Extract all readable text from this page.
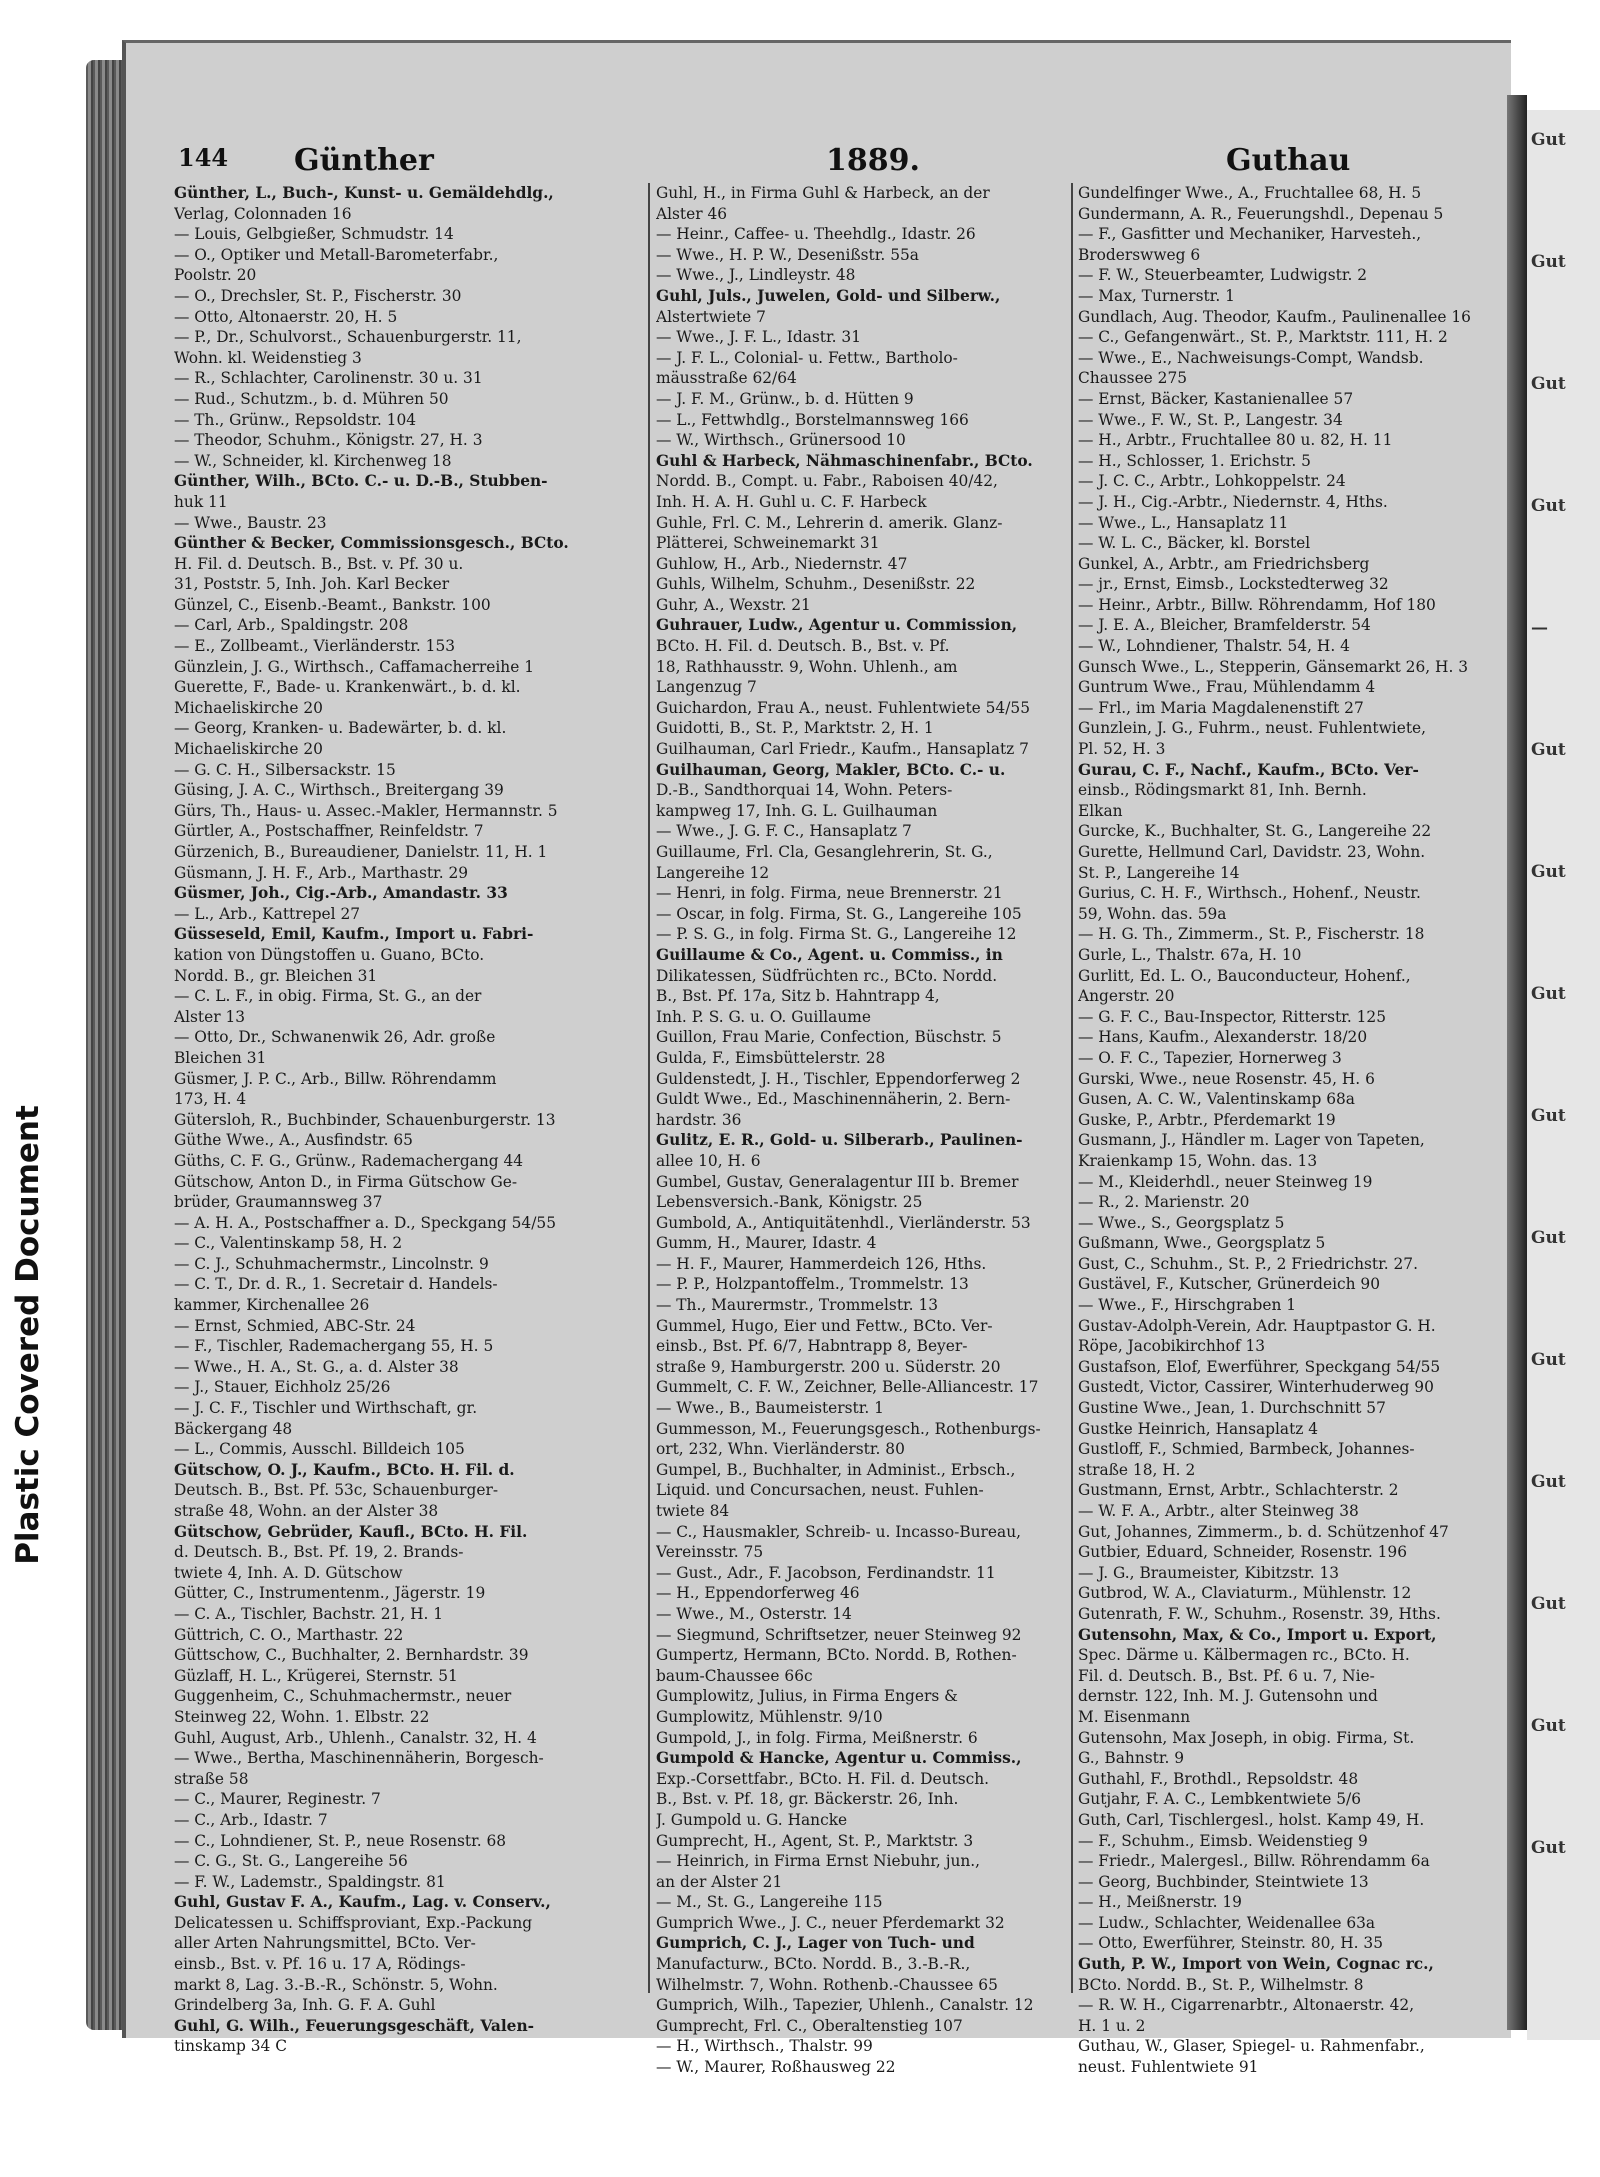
Plastic Covered Document
144 Günther	1889.	Guthau
Günther, L., Buch-, Kunst- u. Gemäldehdlg.,
Verlag, Colonnaden 16
— Louis, Gelbgießer, Schmudstr. 14
— O., Optiker und Metall-Barometerfabr.,
Poolstr. 20
— O., Drechsler, St. P., Fischerstr. 30
— Otto, Altonaerstr. 20, H. 5
— P., Dr., Schulvorst., Schauenburgerstr. 11,
Wohn. kl. Weidenstieg 3
— R., Schlachter, Carolinenstr. 30 u. 31
— Rud., Schutzm., b. d. Mühren 50
— Th., Grünw., Repsoldstr. 104
— Theodor, Schuhm., Königstr. 27, H. 3
— W., Schneider, kl. Kirchenweg 18
Günther, Wilh., BCto. C.- u. D.-B., Stubben-
huk 11
— Wwe., Baustr. 23
Günther & Becker, Commissionsgesch., BCto.
H. Fil. d. Deutsch. B., Bst. v. Pf. 30 u.
31, Poststr. 5, Inh. Joh. Karl Becker
Günzel, C., Eisenb.-Beamt., Bankstr. 100
— Carl, Arb., Spaldingstr. 208
— E., Zollbeamt., Vierländerstr. 153
Günzlein, J. G., Wirthsch., Caffamacherreihe 1
Guerette, F., Bade- u. Krankenwärt., b. d. kl.
Michaeliskirche 20
— Georg, Kranken- u. Badewärter, b. d. kl.
Michaeliskirche 20
— G. C. H., Silbersackstr. 15
Güsing, J. A. C., Wirthsch., Breitergang 39
Gürs, Th., Haus- u. Assec.-Makler, Hermannstr. 5
Gürtler, A., Postschaffner, Reinfeldstr. 7
Gürzenich, B., Bureaudiener, Danielstr. 11, H. 1
Güsmann, J. H. F., Arb., Marthastr. 29
Güsmer, Joh., Cig.-Arb., Amandastr. 33
— L., Arb., Kattrepel 27
Güsseseld, Emil, Kaufm., Import u. Fabri-
kation von Düngstoffen u. Guano, BCto.
Nordd. B., gr. Bleichen 31
— C. L. F., in obig. Firma, St. G., an der
Alster 13
— Otto, Dr., Schwanenwik 26, Adr. große
Bleichen 31
Güsmer, J. P. C., Arb., Billw. Röhrendamm
173, H. 4
Gütersloh, R., Buchbinder, Schauenburgerstr. 13
Güthe Wwe., A., Ausfindstr. 65
Güths, C. F. G., Grünw., Rademachergang 44
Gütschow, Anton D., in Firma Gütschow Ge-
brüder, Graumannsweg 37
— A. H. A., Postschaffner a. D., Speckgang 54/55
— C., Valentinskamp 58, H. 2
— C. J., Schuhmachermstr., Lincolnstr. 9
— C. T., Dr. d. R., 1. Secretair d. Handels-
kammer, Kirchenallee 26
— Ernst, Schmied, ABC-Str. 24
— F., Tischler, Rademachergang 55, H. 5
— Wwe., H. A., St. G., a. d. Alster 38
— J., Stauer, Eichholz 25/26
— J. C. F., Tischler und Wirthschaft, gr.
Bäckergang 48
— L., Commis, Ausschl. Billdeich 105
Gütschow, O. J., Kaufm., BCto. H. Fil. d.
Deutsch. B., Bst. Pf. 53c, Schauenburger-
straße 48, Wohn. an der Alster 38
Gütschow, Gebrüder, Kaufl., BCto. H. Fil.
d. Deutsch. B., Bst. Pf. 19, 2. Brands-
twiete 4, Inh. A. D. Gütschow
Gütter, C., Instrumentenm., Jägerstr. 19
— C. A., Tischler, Bachstr. 21, H. 1
Güttrich, C. O., Marthastr. 22
Güttschow, C., Buchhalter, 2. Bernhardstr. 39
Güzlaff, H. L., Krügerei, Sternstr. 51
Guggenheim, C., Schuhmachermstr., neuer
Steinweg 22, Wohn. 1. Elbstr. 22
Guhl, August, Arb., Uhlenh., Canalstr. 32, H. 4
— Wwe., Bertha, Maschinennäherin, Borgesch-
straße 58
— C., Maurer, Reginestr. 7
— C., Arb., Idastr. 7
— C., Lohndiener, St. P., neue Rosenstr. 68
— C. G., St. G., Langereihe 56
— F. W., Lademstr., Spaldingstr. 81
Guhl, Gustav F. A., Kaufm., Lag. v. Conserv.,
Delicatessen u. Schiffsproviant, Exp.-Packung
aller Arten Nahrungsmittel, BCto. Ver-
einsb., Bst. v. Pf. 16 u. 17 A, Rödings-
markt 8, Lag. 3.-B.-R., Schönstr. 5, Wohn.
Grindelberg 3a, Inh. G. F. A. Guhl
Guhl, G. Wilh., Feuerungsgeschäft, Valen-
tinskamp 34 C
Guhl, H., in Firma Guhl & Harbeck, an der
Alster 46
— Heinr., Caffee- u. Theehdlg., Idastr. 26
— Wwe., H. P. W., Desenißstr. 55a
— Wwe., J., Lindleystr. 48
Guhl, Juls., Juwelen, Gold- und Silberw.,
Alstertwiete 7
— Wwe., J. F. L., Idastr. 31
— J. F. L., Colonial- u. Fettw., Bartholo-
mäusstraße 62/64
— J. F. M., Grünw., b. d. Hütten 9
— L., Fettwhdlg., Borstelmannsweg 166
— W., Wirthsch., Grünersood 10
Guhl & Harbeck, Nähmaschinenfabr., BCto.
Nordd. B., Compt. u. Fabr., Raboisen 40/42,
Inh. H. A. H. Guhl u. C. F. Harbeck
Guhle, Frl. C. M., Lehrerin d. amerik. Glanz-
Plätterei, Schweinemarkt 31
Guhlow, H., Arb., Niedernstr. 47
Guhls, Wilhelm, Schuhm., Desenißstr. 22
Guhr, A., Wexstr. 21
Guhrauer, Ludw., Agentur u. Commission,
BCto. H. Fil. d. Deutsch. B., Bst. v. Pf.
18, Rathhausstr. 9, Wohn. Uhlenh., am
Langenzug 7
Guichardon, Frau A., neust. Fuhlentwiete 54/55
Guidotti, B., St. P., Marktstr. 2, H. 1
Guilhauman, Carl Friedr., Kaufm., Hansaplatz 7
Guilhauman, Georg, Makler, BCto. C.- u.
D.-B., Sandthorquai 14, Wohn. Peters-
kampweg 17, Inh. G. L. Guilhauman
— Wwe., J. G. F. C., Hansaplatz 7
Guillaume, Frl. Cla, Gesanglehrerin, St. G.,
Langereihe 12
— Henri, in folg. Firma, neue Brennerstr. 21
— Oscar, in folg. Firma, St. G., Langereihe 105
— P. S. G., in folg. Firma St. G., Langereihe 12
Guillaume & Co., Agent. u. Commiss., in
Dilikatessen, Südfrüchten rc., BCto. Nordd.
B., Bst. Pf. 17a, Sitz b. Hahntrapp 4,
Inh. P. S. G. u. O. Guillaume
Guillon, Frau Marie, Confection, Büschstr. 5
Gulda, F., Eimsbüttelerstr. 28
Guldenstedt, J. H., Tischler, Eppendorferweg 2
Guldt Wwe., Ed., Maschinennäherin, 2. Bern-
hardstr. 36
Gulitz, E. R., Gold- u. Silberarb., Paulinen-
allee 10, H. 6
Gumbel, Gustav, Generalagentur III b. Bremer
Lebensversich.-Bank, Königstr. 25
Gumbold, A., Antiquitätenhdl., Vierländerstr. 53
Gumm, H., Maurer, Idastr. 4
— H. F., Maurer, Hammerdeich 126, Hths.
— P. P., Holzpantoffelm., Trommelstr. 13
— Th., Maurermstr., Trommelstr. 13
Gummel, Hugo, Eier und Fettw., BCto. Ver-
einsb., Bst. Pf. 6/7, Habntrapp 8, Beyer-
straße 9, Hamburgerstr. 200 u. Süderstr. 20
Gummelt, C. F. W., Zeichner, Belle-Alliancestr. 17
— Wwe., B., Baumeisterstr. 1
Gummesson, M., Feuerungsgesch., Rothenburgs-
ort, 232, Whn. Vierländerstr. 80
Gumpel, B., Buchhalter, in Administ., Erbsch.,
Liquid. und Concursachen, neust. Fuhlen-
twiete 84
— C., Hausmakler, Schreib- u. Incasso-Bureau,
Vereinsstr. 75
— Gust., Adr., F. Jacobson, Ferdinandstr. 11
— H., Eppendorferweg 46
— Wwe., M., Osterstr. 14
— Siegmund, Schriftsetzer, neuer Steinweg 92
Gumpertz, Hermann, BCto. Nordd. B, Rothen-
baum-Chaussee 66c
Gumplowitz, Julius, in Firma Engers &
Gumplowitz, Mühlenstr. 9/10
Gumpold, J., in folg. Firma, Meißnerstr. 6
Gumpold & Hancke, Agentur u. Commiss.,
Exp.-Corsettfabr., BCto. H. Fil. d. Deutsch.
B., Bst. v. Pf. 18, gr. Bäckerstr. 26, Inh.
J. Gumpold u. G. Hancke
Gumprecht, H., Agent, St. P., Marktstr. 3
— Heinrich, in Firma Ernst Niebuhr, jun.,
an der Alster 21
— M., St. G., Langereihe 115
Gumprich Wwe., J. C., neuer Pferdemarkt 32
Gumprich, C. J., Lager von Tuch- und
Manufacturw., BCto. Nordd. B., 3.-B.-R.,
Wilhelmstr. 7, Wohn. Rothenb.-Chaussee 65
Gumprich, Wilh., Tapezier, Uhlenh., Canalstr. 12
Gumprecht, Frl. C., Oberaltenstieg 107
— H., Wirthsch., Thalstr. 99
— W., Maurer, Roßhausweg 22
Gundelfinger Wwe., A., Fruchtallee 68, H. 5
Gundermann, A. R., Feuerungshdl., Depenau 5
— F., Gasfitter und Mechaniker, Harvesteh.,
Broderswweg 6
— F. W., Steuerbeamter, Ludwigstr. 2
— Max, Turnerstr. 1
Gundlach, Aug. Theodor, Kaufm., Paulinenallee 16
— C., Gefangenwärt., St. P., Marktstr. 111, H. 2
— Wwe., E., Nachweisungs-Compt, Wandsb.
Chaussee 275
— Ernst, Bäcker, Kastanienallee 57
— Wwe., F. W., St. P., Langestr. 34
— H., Arbtr., Fruchtallee 80 u. 82, H. 11
— H., Schlosser, 1. Erichstr. 5
— J. C. C., Arbtr., Lohkoppelstr. 24
— J. H., Cig.-Arbtr., Niedernstr. 4, Hths.
— Wwe., L., Hansaplatz 11
— W. L. C., Bäcker, kl. Borstel
Gunkel, A., Arbtr., am Friedrichsberg
— jr., Ernst, Eimsb., Lockstedterweg 32
— Heinr., Arbtr., Billw. Röhrendamm, Hof 180
— J. E. A., Bleicher, Bramfelderstr. 54
— W., Lohndiener, Thalstr. 54, H. 4
Gunsch Wwe., L., Stepperin, Gänsemarkt 26, H. 3
Guntrum Wwe., Frau, Mühlendamm 4
— Frl., im Maria Magdalenenstift 27
Gunzlein, J. G., Fuhrm., neust. Fuhlentwiete,
Pl. 52, H. 3
Gurau, C. F., Nachf., Kaufm., BCto. Ver-
einsb., Rödingsmarkt 81, Inh. Bernh.
Elkan
Gurcke, K., Buchhalter, St. G., Langereihe 22
Gurette, Hellmund Carl, Davidstr. 23, Wohn.
St. P., Langereihe 14
Gurius, C. H. F., Wirthsch., Hohenf., Neustr.
59, Wohn. das. 59a
— H. G. Th., Zimmerm., St. P., Fischerstr. 18
Gurle, L., Thalstr. 67a, H. 10
Gurlitt, Ed. L. O., Bauconducteur, Hohenf.,
Angerstr. 20
— G. F. C., Bau-Inspector, Ritterstr. 125
— Hans, Kaufm., Alexanderstr. 18/20
— O. F. C., Tapezier, Hornerweg 3
Gurski, Wwe., neue Rosenstr. 45, H. 6
Gusen, A. C. W., Valentinskamp 68a
Guske, P., Arbtr., Pferdemarkt 19
Gusmann, J., Händler m. Lager von Tapeten,
Kraienkamp 15, Wohn. das. 13
— M., Kleiderhdl., neuer Steinweg 19
— R., 2. Marienstr. 20
— Wwe., S., Georgsplatz 5
Gußmann, Wwe., Georgsplatz 5
Gust, C., Schuhm., St. P., 2 Friedrichstr. 27.
Gustävel, F., Kutscher, Grünerdeich 90
— Wwe., F., Hirschgraben 1
Gustav-Adolph-Verein, Adr. Hauptpastor G. H.
Röpe, Jacobikirchhof 13
Gustafson, Elof, Ewerführer, Speckgang 54/55
Gustedt, Victor, Cassirer, Winterhuderweg 90
Gustine Wwe., Jean, 1. Durchschnitt 57
Gustke Heinrich, Hansaplatz 4
Gustloff, F., Schmied, Barmbeck, Johannes-
straße 18, H. 2
Gustmann, Ernst, Arbtr., Schlachterstr. 2
— W. F. A., Arbtr., alter Steinweg 38
Gut, Johannes, Zimmerm., b. d. Schützenhof 47
Gutbier, Eduard, Schneider, Rosenstr. 196
— J. G., Braumeister, Kibitzstr. 13
Gutbrod, W. A., Claviaturm., Mühlenstr. 12
Gutenrath, F. W., Schuhm., Rosenstr. 39, Hths.
Gutensohn, Max, & Co., Import u. Export,
Spec. Därme u. Kälbermagen rc., BCto. H.
Fil. d. Deutsch. B., Bst. Pf. 6 u. 7, Nie-
dernstr. 122, Inh. M. J. Gutensohn und
M. Eisenmann
Gutensohn, Max Joseph, in obig. Firma, St.
G., Bahnstr. 9
Guthahl, F., Brothdl., Repsoldstr. 48
Gutjahr, F. A. C., Lembkentwiete 5/6
Guth, Carl, Tischlergesl., holst. Kamp 49, H.
— F., Schuhm., Eimsb. Weidenstieg 9
— Friedr., Malergesl., Billw. Röhrendamm 6a
— Georg, Buchbinder, Steintwiete 13
— H., Meißnerstr. 19
— Ludw., Schlachter, Weidenallee 63a
— Otto, Ewerführer, Steinstr. 80, H. 35
Guth, P. W., Import von Wein, Cognac rc.,
BCto. Nordd. B., St. P., Wilhelmstr. 8
— R. W. H., Cigarrenarbtr., Altonaerstr. 42,
H. 1 u. 2
Guthau, W., Glaser, Spiegel- u. Rahmenfabr.,
neust. Fuhlentwiete 91
Gut
Gut
Gut
Gut
—
Gut
Gut
Gut
Gut
Gut
Gut
Gut
Gut
Gut
Gut
